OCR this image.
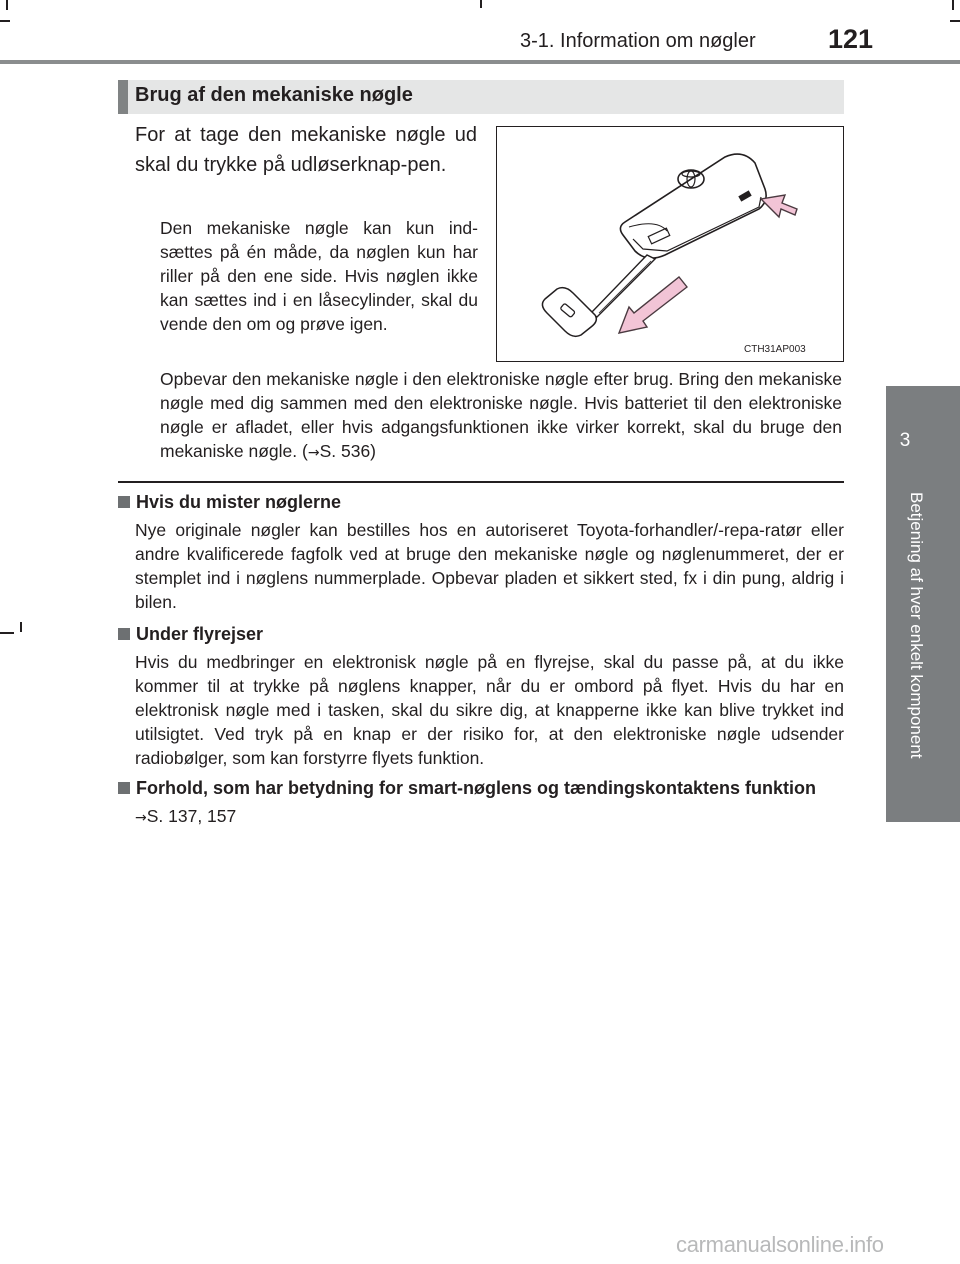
3-1. Information om nøgler	121
3
Betjening af hver enkelt komponent
Brug af den mekaniske nøgle
For at tage den mekaniske nøgle ud skal du trykke på udløserknap-pen.
Den mekaniske nøgle kan kun ind-sættes på én måde, da nøglen kun har riller på den ene side. Hvis nøglen ikke kan sættes ind i en låsecylinder, skal du vende den om og prøve igen.
CTH31AP003
Opbevar den mekaniske nøgle i den elektroniske nøgle efter brug. Bring den mekaniske nøgle med dig sammen med den elektroniske nøgle. Hvis batteriet til den elektroniske nøgle er afladet, eller hvis adgangsfunktionen ikke virker korrekt, skal du bruge den mekaniske nøgle. (→S. 536)
Hvis du mister nøglerne
Nye originale nøgler kan bestilles hos en autoriseret Toyota-forhandler/-repa-ratør eller andre kvalificerede fagfolk ved at bruge den mekaniske nøgle og nøglenummeret, der er stemplet ind i nøglens nummerplade. Opbevar pladen et sikkert sted, fx i din pung, aldrig i bilen.
Under flyrejser
Hvis du medbringer en elektronisk nøgle på en flyrejse, skal du passe på, at du ikke kommer til at trykke på nøglens knapper, når du er ombord på flyet. Hvis du har en elektronisk nøgle med i tasken, skal du sikre dig, at knapperne ikke kan blive trykket ind utilsigtet. Ved tryk på en knap er der risiko for, at den elektroniske nøgle udsender radiobølger, som kan forstyrre flyets funktion.
Forhold, som har betydning for smart-nøglens og tændingskontaktens funktion
→S. 137, 157
carmanualsonline.info
